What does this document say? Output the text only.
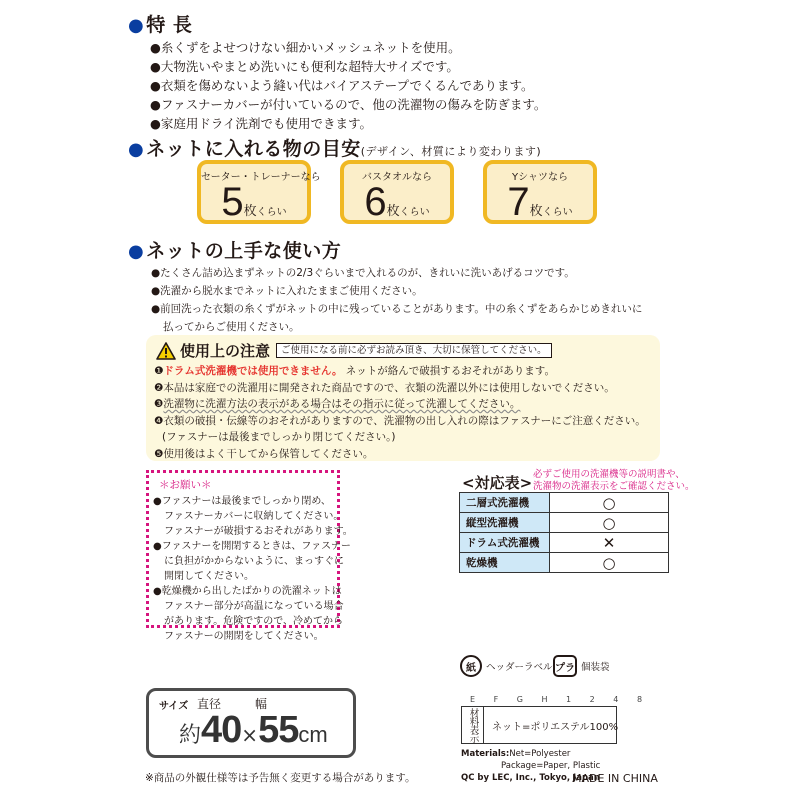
● 特 長
●糸くずをよせつけない細かいメッシュネットを使用。
●大物洗いやまとめ洗いにも便利な超特大サイズです。
●衣類を傷めないよう縫い代はバイアステープでくるんであります。
●ファスナーカバーが付いているので、他の洗濯物の傷みを防ぎます。
●家庭用ドライ洗剤でも使用できます。
● ネットに入れる物の目安(デザイン、材質により変わります)
セーター・トレーナーなら
5枚くらい
バスタオルなら
6枚くらい
Yシャツなら
7枚くらい
● ネットの上手な使い方
●たくさん詰め込まずネットの2/3ぐらいまで入れるのが、きれいに洗いあげるコツです。
●洗濯から脱水までネットに入れたままご使用ください。
●前回洗った衣類の糸くずがネットの中に残っていることがあります。中の糸くずをあらかじめきれいに
払ってからご使用ください。
使用上の注意	ご使用になる前に必ずお読み頂き、大切に保管してください。
❶ドラム式洗濯機では使用できません。 ネットが絡んで破損するおそれがあります。
❷本品は家庭での洗濯用に開発された商品ですので、衣類の洗濯以外には使用しないでください。
❸洗濯物に洗濯方法の表示がある場合はその指示に従って洗濯してください。
❹衣類の破損・伝線等のおそれがありますので、洗濯物の出し入れの際はファスナーにご注意ください。
(ファスナーは最後までしっかり閉じてください。)
❺使用後はよく干してから保管してください。
＊お願い＊
●ファスナーは最後までしっかり閉め、
ファスナーカバーに収納してください。
ファスナーが破損するおそれがあります。
●ファスナーを開閉するときは、ファスナー
に負担がかからないように、まっすぐに
開閉してください。
●乾燥機から出したばかりの洗濯ネットは
ファスナー部分が高温になっている場合
があります。危険ですので、冷めてから
ファスナーの開閉をしてください。
<対応表> 必ずご使用の洗濯機等の説明書や、
洗濯物の洗濯表示をご確認ください。
二層式洗濯機	○
縦型洗濯機	○
ドラム式洗濯機	✕
乾燥機	○
紙	ヘッダーラベル プラ 個装袋
E F G H 1 2 4 8
材料表示	ネット=ポリエステル100%
Materials:Net=Polyester
Package=Paper, Plastic
QC by LEC, Inc., Tokyo, Japan
MADE IN CHINA
サイズ 直径	幅
約40×55cm
※商品の外観仕様等は予告無く変更する場合があります。
